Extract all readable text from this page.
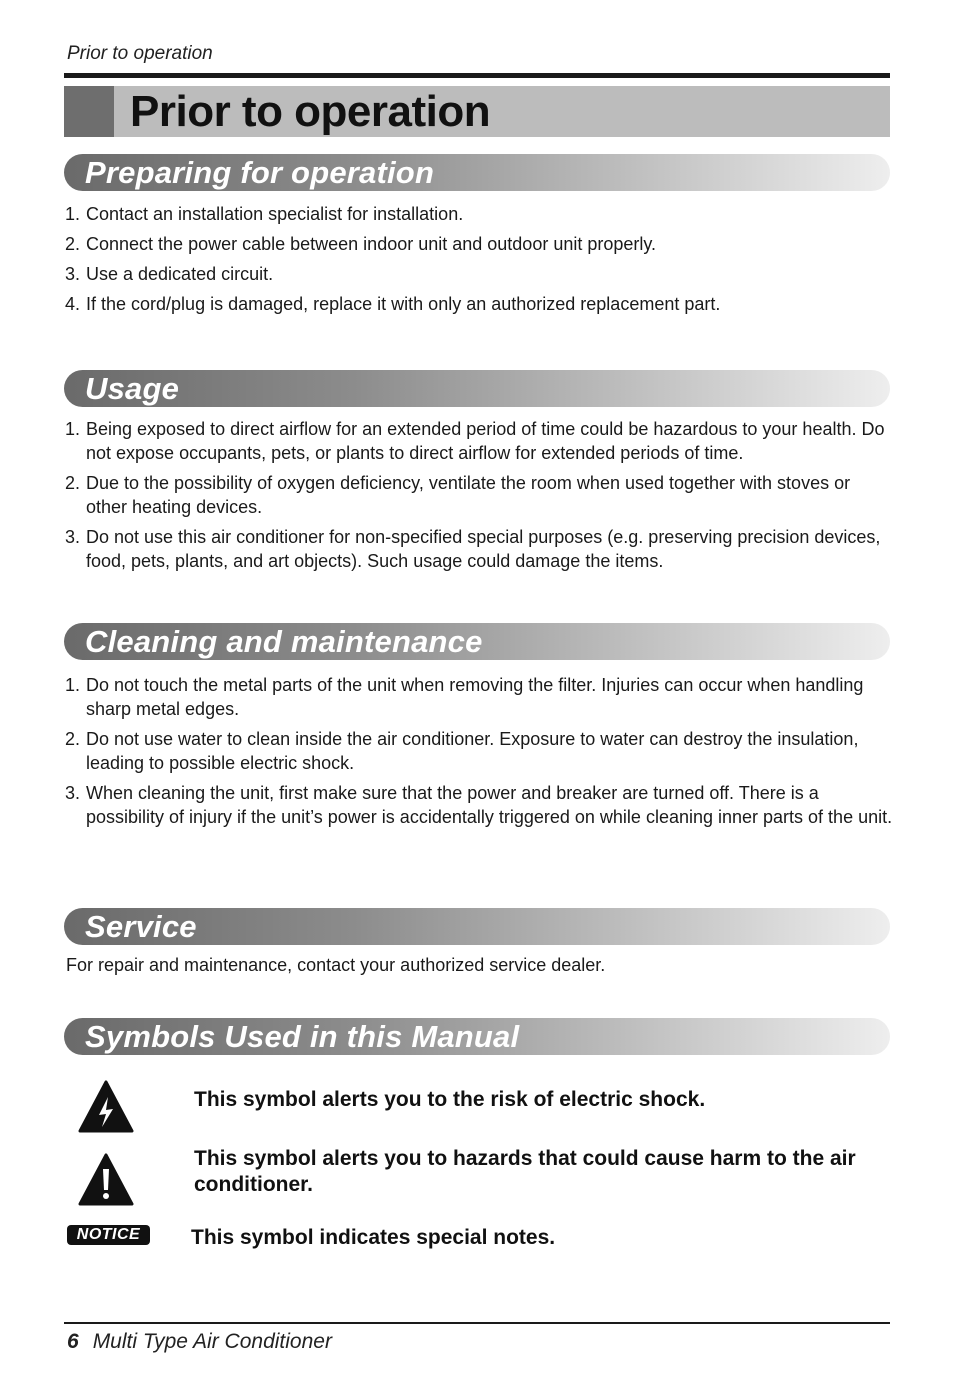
Prior to operation
Prior to operation
Preparing for operation
1. Contact an installation specialist for installation.
2. Connect the power cable between indoor unit and outdoor unit properly.
3. Use a dedicated circuit.
4. If the cord/plug is damaged, replace it with only an authorized replacement part.
Usage
1. Being exposed to direct airflow for an extended period of time could be hazardous to your health. Do not expose occupants, pets, or plants to direct airflow for extended periods of time.
2. Due to the possibility of oxygen deficiency, ventilate the room when used together with stoves or other heating devices.
3. Do not use this air conditioner for non-specified special purposes (e.g. preserving precision devices, food, pets, plants, and art objects). Such usage could damage the items.
Cleaning and maintenance
1. Do not touch the metal parts of the unit when removing the filter. Injuries can occur when handling sharp metal edges.
2. Do not use water to clean inside the air conditioner. Exposure to water can destroy the insulation, leading to possible electric shock.
3. When cleaning the unit, first make sure that the power and breaker are turned off. There is a possibility of injury if the unit’s power is accidentally triggered on while cleaning inner parts of the unit.
Service
For repair and maintenance, contact your authorized service dealer.
Symbols Used in this Manual
This symbol alerts you to the risk of electric shock.
This symbol alerts you to hazards that could cause harm to the air conditioner.
NOTICE	This symbol indicates special notes.
6 Multi Type Air Conditioner
